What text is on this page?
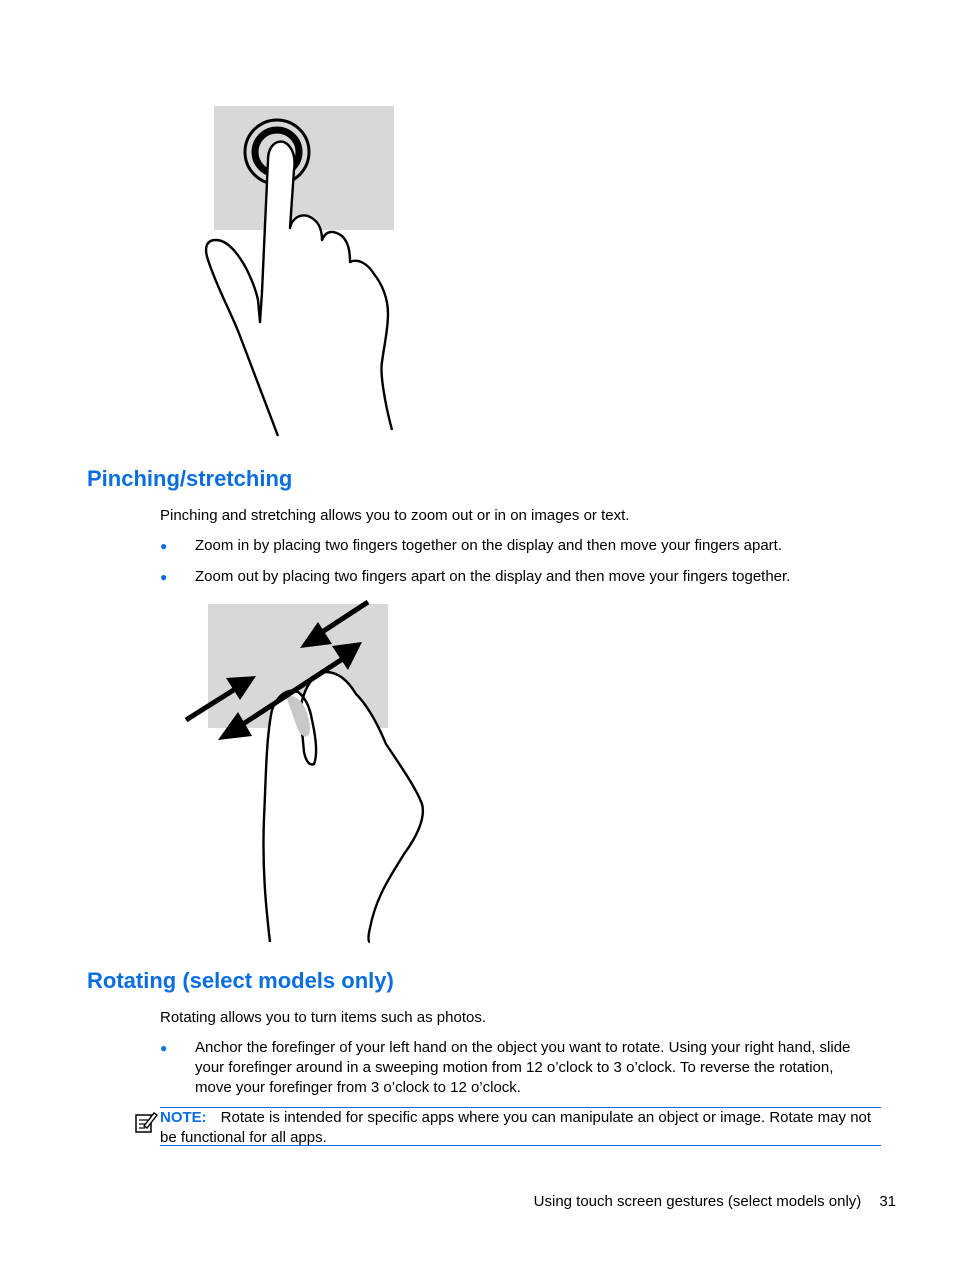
Pinching/stretching

Pinching and stretching allows you to zoom out or in on images or text.

● Zoom in by placing two fingers together on the display and then move your fingers apart.
● Zoom out by placing two fingers apart on the display and then move your fingers together.
Rotating (select models only)

Rotating allows you to turn items such as photos.

● Anchor the forefinger of your left hand on the object you want to rotate. Using your right hand, slide your forefinger around in a sweeping motion from 12 o’clock to 3 o’clock. To reverse the rotation, move your forefinger from 3 o’clock to 12 o’clock.
NOTE: Rotate is intended for specific apps where you can manipulate an object or image. Rotate may not be functional for all apps.
Using touch screen gestures (select models only) 31
